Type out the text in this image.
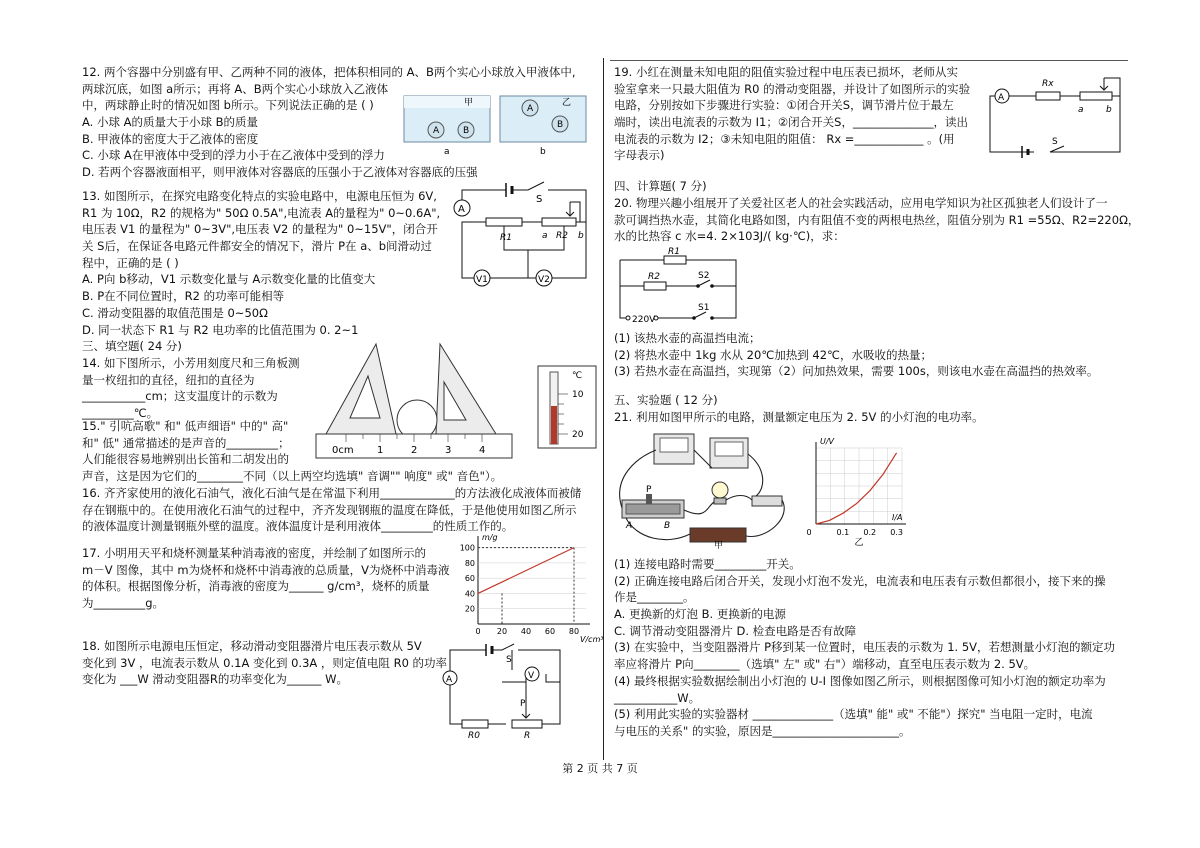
12. 两个容器中分别盛有甲、乙两种不同的液体，把体积相同的 A、B两个实心小球放入甲液体中,
两球沉底，如图 a所示；再将 A、B两个实心小球放入乙液体
中，两球静止时的情况如图 b所示。下列说法正确的是 ( )
A. 小球 A的质量大于小球 B的质量
B. 甲液体的密度大于乙液体的密度
C. 小球 A在甲液体中受到的浮力小于在乙液体中受到的浮力
D. 若两个容器液面相平，则甲液体对容器底的压强小于乙液体对容器底的压强
甲
A	B
a
乙
A
B
b
13. 如图所示，在探究电路变化特点的实验电路中，电源电压恒为 6V,
R1 为 10Ω，R2 的规格为" 50Ω 0.5A",电流表 A的量程为" 0~0.6A",
电压表 V1 的量程为" 0~3V",电压表 V2 的量程为" 0~15V"，闭合开
关 S后，在保证各电路元件都安全的情况下，滑片 P在 a、b间滑动过
程中，正确的是 ( )
A. P向 b移动，V1 示数变化量与 A示数变化量的比值变大
B. P在不同位置时，R2 的功率可能相等
C. 滑动变阻器的取值范围是 0~50Ω
D. 同一状态下 R1 与 R2 电功率的比值范围为 0. 2~1
A
S
R1	a R2 b
V1	V2
三、填空题( 24 分)
14. 如下图所示，小芳用刻度尺和三角板测
量一枚纽扣的直径，纽扣的直径为
___________cm；这支温度计的示数为
_________℃。
0cm 1	2	3	4
℃
10
20
15." 引吭高歌" 和" 低声细语" 中的" 高"
和" 低" 通常描述的是声音的_________；
人们能很容易地辨别出长笛和二胡发出的
声音，这是因为它们的________不同（以上两空均选填" 音调"" 响度" 或" 音色"）。
16. 齐齐家使用的液化石油气，液化石油气是在常温下利用_____________的方法液化成液体而被储
存在钢瓶中的。在使用液化石油气的过程中，齐齐发现钢瓶的温度在降低，于是他使用如图乙所示
的液体温度计测量钢瓶外壁的温度。液体温度计是利用液体_________的性质工作的。
17. 小明用天平和烧杯测量某种消毒液的密度，并绘制了如图所示的
m－V 图像，其中 m为烧杯和烧杯中消毒液的总质量，V为烧杯中消毒液
的体积。根据图像分析，消毒液的密度为______ g/cm³，烧杯的质量
为_________g。	20
40
60
80
100
0 20 40 60 80
m/g
V/cm³
18. 如图所示电源电压恒定，移动滑动变阻器滑片电压表示数从 5V
变化到 3V ，电流表示数从 0.1A 变化到 0.3A ，则定值电阻 R0 的功率
变化为 ___W 滑动变阻器R的功率变化为______ W。	A	V
S
P
R0	R
19. 小红在测量未知电阻的阻值实验过程中电压表已损坏，老师从实
验室拿来一只最大阻值为 R0 的滑动变阻器，并设计了如图所示的实验
电路，分别按如下步骤进行实验：①闭合开关S，调节滑片位于最左
端时，读出电流表的示数为 I1；②闭合开关S，______________，读出
电流表的示数为 I2；③未知电阻的阻值： Rx =____________ 。(用
字母表示)
A
Rx
a b
S
四、计算题( 7 分)
20. 物理兴趣小组展开了关爱社区老人的社会实践活动，应用电学知识为社区孤独老人们设计了一
款可调挡热水壶，其简化电路如图，内有阻值不变的两根电热丝，阻值分别为 R1 =55Ω、R2=220Ω，
水的比热容 c 水=4. 2×103J/( kg·℃)，求：
R1
R2	S2
S1
220V
(1) 该热水壶的高温挡电流；
(2) 将热水壶中 1kg 水从 20℃加热到 42℃，水吸收的热量；
(3) 若热水壶在高温挡，实现第（2）问加热效果，需要 100s，则该电水壶在高温挡的热效率。
五、实验题 ( 12 分)
21. 利用如图甲所示的电路，测量额定电压为 2. 5V 的小灯泡的电功率。
P
A	B
甲
0	0.1 0.2 0.3
U/V
I/A
乙
(1) 连接电路时需要_________开关。
(2) 正确连接电路后闭合开关，发现小灯泡不发光，电流表和电压表有示数但都很小，接下来的操
作是________。
A. 更换新的灯泡 B. 更换新的电源
C. 调节滑动变阻器滑片 D. 检查电路是否有故障
(3) 在实验中，当变阻器滑片 P移到某一位置时，电压表的示数为 1. 5V，若想测量小灯泡的额定功
率应将滑片 P向________（选填" 左" 或" 右"）端移动，直至电压表示数为 2. 5V。
(4) 最终根据实验数据绘制出小灯泡的 U-I 图像如图乙所示，则根据图像可知小灯泡的额定功率为
___________W。
(5) 利用此实验的实验器材 ______________（选填" 能" 或" 不能"）探究" 当电阻一定时，电流
与电压的关系" 的实验，原因是______________________。
第 2 页 共 7 页
